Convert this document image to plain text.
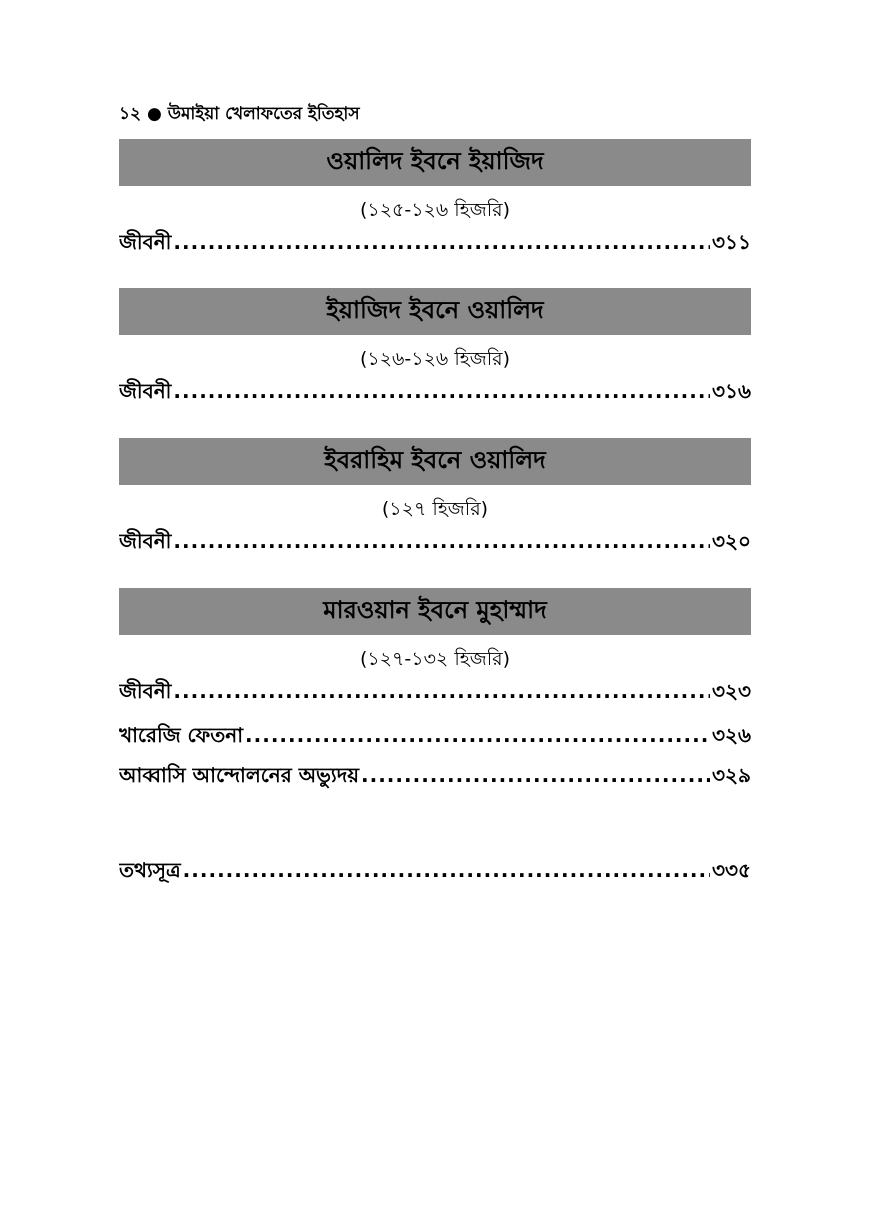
১২ ● উমাইয়া খেলাফতের ইতিহাস
ওয়ালিদ ইবনে ইয়াজিদ
(১২৫-১২৬ হিজরি)
জীবনী .....	৩১১
ইয়াজিদ ইবনে ওয়ালিদ
(১২৬-১২৬ হিজরি)
জীবনী .....	৩১৬
ইবরাহিম ইবনে ওয়ালিদ
(১২৭ হিজরি)
জীবনী .....	৩২০
মারওয়ান ইবনে মুহাম্মাদ
(১২৭-১৩২ হিজরি)
জীবনী .....	৩২৩
খারেজি ফেতনা .....	৩২৬
আব্বাসি আন্দোলনের অভ্যুদয় .....	৩২৯
তথ্যসূত্র .....	৩৩৫
